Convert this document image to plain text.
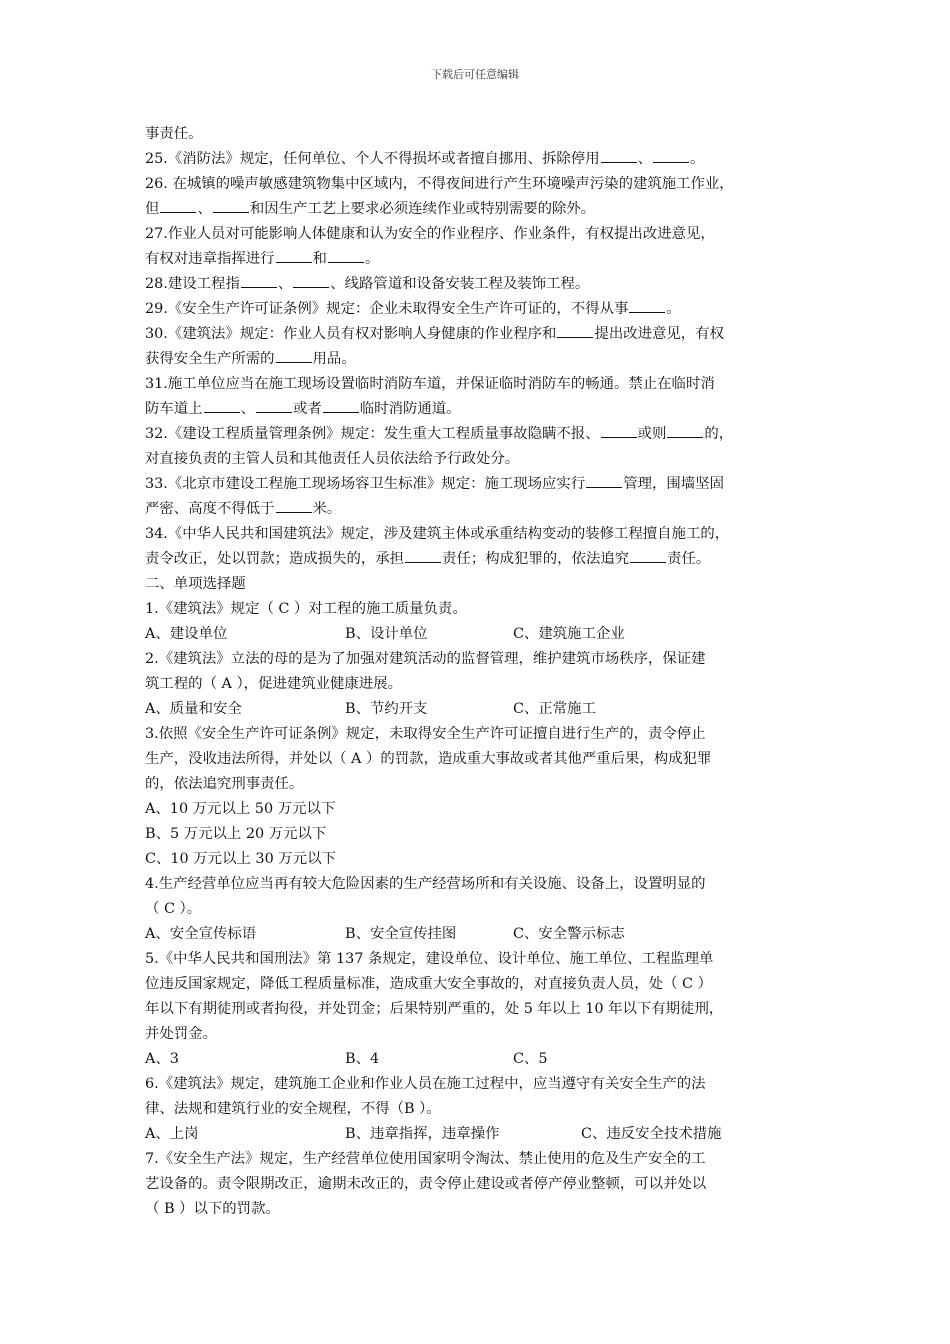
下载后可任意编辑
事责任。
25.《消防法》规定，任何单位、个人不得损坏或者擅自挪用、拆除停用	、	。
26. 在城镇的噪声敏感建筑物集中区域内，不得夜间进行产生环境噪声污染的建筑施工作业，
但	、	和因生产工艺上要求必须连续作业或特别需要的除外。
27.作业人员对可能影响人体健康和认为安全的作业程序、作业条件，有权提出改进意见，
有权对违章指挥进行	和	。
28.建设工程指	、	、线路管道和设备安装工程及装饰工程。
29.《安全生产许可证条例》规定：企业未取得安全生产许可证的，不得从事	。
30.《建筑法》规定：作业人员有权对影响人身健康的作业程序和	提出改进意见，有权
获得安全生产所需的	用品。
31.施工单位应当在施工现场设置临时消防车道，并保证临时消防车的畅通。禁止在临时消
防车道上	、	或者	临时消防通道。
32.《建设工程质量管理条例》规定：发生重大工程质量事故隐瞒不报、	或则	的，
对直接负责的主管人员和其他责任人员依法给予行政处分。
33.《北京市建设工程施工现场场容卫生标准》规定：施工现场应实行	管理，围墙坚固
严密、高度不得低于	米。
34.《中华人民共和国建筑法》规定，涉及建筑主体或承重结构变动的装修工程擅自施工的，
责令改正，处以罚款；造成损失的，承担	责任；构成犯罪的，依法追究	责任。
二、单项选择题
1.《建筑法》规定（ C ）对工程的施工质量负责。
A、建设单位	B、设计单位	C、建筑施工企业
2.《建筑法》立法的母的是为了加强对建筑活动的监督管理，维护建筑市场秩序，保证建
筑工程的（ A ），促进建筑业健康进展。
A、质量和安全	B、节约开支	C、正常施工
3.依照《安全生产许可证条例》规定，未取得安全生产许可证擅自进行生产的，责令停止
生产，没收违法所得，并处以（ A ）的罚款，造成重大事故或者其他严重后果，构成犯罪
的，依法追究刑事责任。
A、10 万元以上 50 万元以下
B、5 万元以上 20 万元以下
C、10 万元以上 30 万元以下
4.生产经营单位应当再有较大危险因素的生产经营场所和有关设施、设备上，设置明显的
（ C ）。
A、安全宣传标语	B、安全宣传挂图	C、安全警示标志
5.《中华人民共和国刑法》第 137 条规定，建设单位、设计单位、施工单位、工程监理单
位违反国家规定，降低工程质量标准，造成重大安全事故的，对直接负责人员，处（ C ）
年以下有期徒刑或者拘役，并处罚金；后果特别严重的，处 5 年以上 10 年以下有期徒刑，
并处罚金。
A、3	B、4	C、5
6.《建筑法》规定，建筑施工企业和作业人员在施工过程中，应当遵守有关安全生产的法
律、法规和建筑行业的安全规程，不得（B ）。
A、上岗	B、违章指挥，违章操作	C、违反安全技术措施
7.《安全生产法》规定，生产经营单位使用国家明令淘汰、禁止使用的危及生产安全的工
艺设备的。责令限期改正，逾期未改正的，责令停止建设或者停产停业整顿，可以并处以
（ B ）以下的罚款。
